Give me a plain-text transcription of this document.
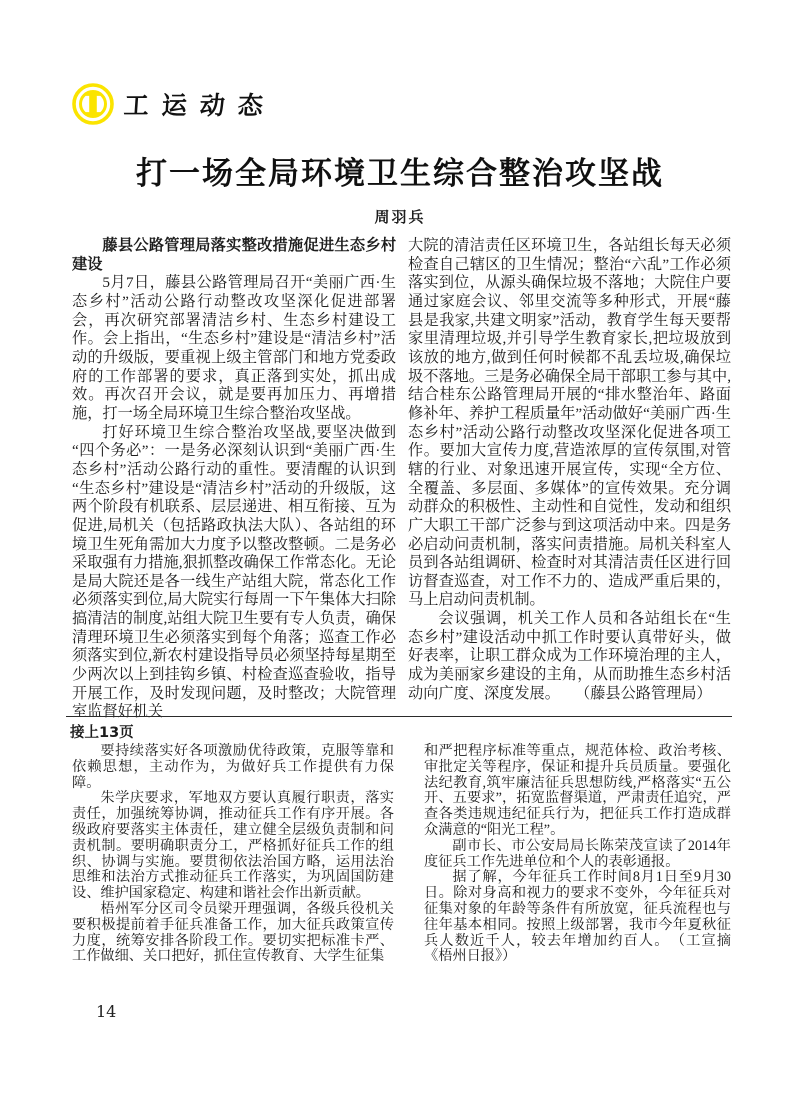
工运动态
打一场全局环境卫生综合整治攻坚战
周羽兵

藤县公路管理局落实整改措施促进生态乡村建设

5月7日，藤县公路管理局召开“美丽广西·生态乡村”活动公路行动整改攻坚深化促进部署会，再次研究部署清洁乡村、生态乡村建设工作。会上指出，“生态乡村”建设是“清洁乡村”活动的升级版，要重视上级主管部门和地方党委政府的工作部署的要求，真正落到实处，抓出成效。再次召开会议，就是要再加压力、再增措施，打一场全局环境卫生综合整治攻坚战。

打好环境卫生综合整治攻坚战,要坚决做到“四个务必”：一是务必深刻认识到“美丽广西·生态乡村”活动公路行动的重性。要清醒的认识到“生态乡村”建设是“清洁乡村”活动的升级版，这两个阶段有机联系、层层递进、相互衔接、互为促进,局机关（包括路政执法大队）、各站组的环境卫生死角需加大力度予以整改整顿。二是务必采取强有力措施,狠抓整改确保工作常态化。无论是局大院还是各一线生产站组大院，常态化工作必须落实到位,局大院实行每周一下午集体大扫除搞清洁的制度,站组大院卫生要有专人负责，确保清理环境卫生必须落实到每个角落；巡查工作必须落实到位,新农村建设指导员必须坚持每星期至少两次以上到挂钩乡镇、村检查巡查验收，指导开展工作，及时发现问题，及时整改；大院管理室监督好机关

大院的清洁责任区环境卫生，各站组长每天必须检查自己辖区的卫生情况；整治“六乱”工作必须落实到位，从源头确保垃圾不落地；大院住户要通过家庭会议、邻里交流等多种形式，开展“藤县是我家,共建文明家”活动，教育学生每天要帮家里清理垃圾,并引导学生教育家长,把垃圾放到该放的地方,做到任何时候都不乱丢垃圾,确保垃圾不落地。三是务必确保全局干部职工参与其中,结合桂东公路管理局开展的“排水整治年、路面修补年、养护工程质量年”活动做好“美丽广西·生态乡村”活动公路行动整改攻坚深化促进各项工作。要加大宣传力度,营造浓厚的宣传氛围,对管辖的行业、对象迅速开展宣传，实现“全方位、全覆盖、多层面、多媒体”的宣传效果。充分调动群众的积极性、主动性和自觉性，发动和组织广大职工干部广泛参与到这项活动中来。四是务必启动问责机制，落实问责措施。局机关科室人员到各站组调研、检查时对其清洁责任区进行回访督查巡查，对工作不力的、造成严重后果的，马上启动问责机制。

会议强调，机关工作人员和各站组长在“生态乡村”建设活动中抓工作时要认真带好头，做好表率，让职工群众成为工作环境治理的主人，成为美丽家乡建设的主角，从而助推生态乡村活动向广度、深度发展。　　（藤县公路管理局）

接上13页

要持续落实好各项激励优待政策，克服等靠和依赖思想，主动作为，为做好兵工作提供有力保障。

朱学庆要求，军地双方要认真履行职责，落实责任，加强统筹协调，推动征兵工作有序开展。各级政府要落实主体责任，建立健全层级负责制和问责机制。要明确职责分工，严格抓好征兵工作的组织、协调与实施。要贯彻依法治国方略，运用法治思维和法治方式推动征兵工作落实，为巩固国防建设、维护国家稳定、构建和谐社会作出新贡献。

梧州军分区司令员梁开理强调，各级兵役机关要积极提前着手征兵准备工作，加大征兵政策宣传力度，统筹安排各阶段工作。要切实把标准卡严、工作做细、关口把好，抓住宣传教育、大学生征集

和严把程序标准等重点，规范体检、政治考核、审批定关等程序，保证和提升兵员质量。要强化法纪教育,筑牢廉洁征兵思想防线,严格落实“五公开、五要求”，拓宽监督渠道，严肃责任追究，严查各类违规违纪征兵行为，把征兵工作打造成群众满意的“阳光工程”。

副市长、市公安局局长陈荣茂宣读了2014年度征兵工作先进单位和个人的表彰通报。

据了解，今年征兵工作时间8月1日至9月30日。除对身高和视力的要求不变外，今年征兵对征集对象的年龄等条件有所放宽，征兵流程也与往年基本相同。按照上级部署，我市今年夏秋征兵人数近千人，较去年增加约百人。　（工宣摘《梧州日报》）

14
